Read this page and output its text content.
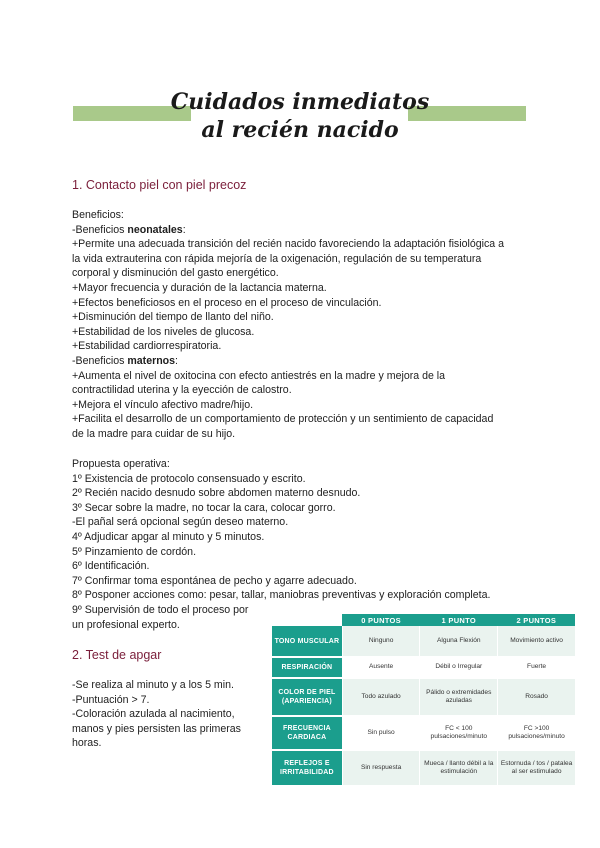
Cuidados inmediatos
al recién nacido
1. Contacto piel con piel precoz
Beneficios:
-Beneficios neonatales:
+Permite una adecuada transición del recién nacido favoreciendo la adaptación fisiológica a
la vida extrauterina con rápida mejoría de la oxigenación, regulación de su temperatura
corporal y disminución del gasto energético.
+Mayor frecuencia y duración de la lactancia materna.
+Efectos beneficiosos en el proceso en el proceso de vinculación.
+Disminución del tiempo de llanto del niño.
+Estabilidad de los niveles de glucosa.
+Estabilidad cardiorrespiratoria.
-Beneficios maternos:
+Aumenta el nivel de oxitocina con efecto antiestrés en la madre y mejora de la
contractilidad uterina y la eyección de calostro.
+Mejora el vínculo afectivo madre/hijo.
+Facilita el desarrollo de un comportamiento de protección y un sentimiento de capacidad
de la madre para cuidar de su hijo.
Propuesta operativa:
1º Existencia de protocolo consensuado y escrito.
2º Recién nacido desnudo sobre abdomen materno desnudo.
3º Secar sobre la madre, no tocar la cara, colocar gorro.
-El pañal será opcional según deseo materno.
4º Adjudicar apgar al minuto y 5 minutos.
5º Pinzamiento de cordón.
6º Identificación.
7º Confirmar toma espontánea de pecho y agarre adecuado.
8º Posponer acciones como: pesar, tallar, maniobras preventivas y exploración completa.
9º Supervisión de todo el proceso por
un profesional experto.
2. Test de apgar
-Se realiza al minuto y a los 5 min.
-Puntuación > 7.
-Coloración azulada al nacimiento,
manos y pies persisten las primeras
horas.
	0 PUNTOS	1 PUNTO	2 PUNTOS
TONO MUSCULAR	Ninguno	Alguna Flexión	Movimiento activo
RESPIRACIÓN	Ausente	Débil o Irregular	Fuerte
COLOR DE PIEL (APARIENCIA)	Todo azulado	Pálido o extremidades azuladas	Rosado
FRECUENCIA CARDIACA	Sin pulso	FC < 100 pulsaciones/minuto	FC >100 pulsaciones/minuto
REFLEJOS E IRRITABILIDAD	Sin respuesta	Mueca / llanto débil a la estimulación	Estornuda / tos / patalea al ser estimulado
